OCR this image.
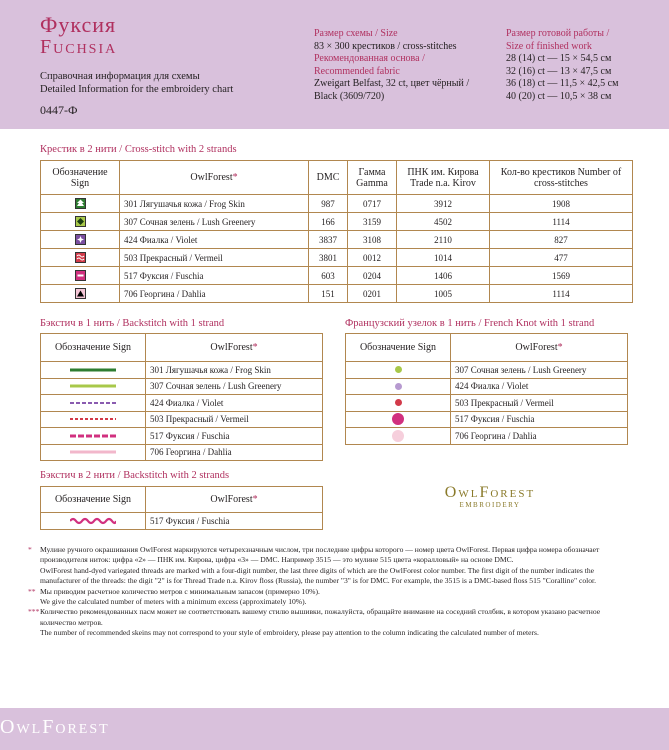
Фуксия
Fuchsia
Справочная информация для схемы
Detailed Information for the embroidery chart
0447-Ф
Размер схемы / Size
83 × 300 крестиков / cross-stitches
Рекомендованная основа /
Recommended fabric
Zweigart Belfast, 32 ct, цвет чёрный / Black (3609/720)
Размер готовой работы /
Size of finished work
28 (14) ct — 15 × 54,5 см
32 (16) ct — 13 × 47,5 см
36 (18) ct — 11,5 × 42,5 см
40 (20) ct — 10,5 × 38 см
Крестик в 2 нити / Cross-stitch with 2 strands
Обозначение Sign	OwlForest*	DMC	Гамма Gamma	ПНК им. Кирова Trade n.a. Kirov	Кол-во крестиков Number of cross-stitches
	301 Лягушачья кожа / Frog Skin	987	0717	3912	1908
	307 Сочная зелень / Lush Greenery	166	3159	4502	1114
	424 Фиалка / Violet	3837	3108	2110	827
	503 Прекрасный / Vermeil	3801	0012	1014	477
	517 Фуксия / Fuschia	603	0204	1406	1569
	706 Георгина / Dahlia	151	0201	1005	1114
Бэкстич в 1 нить / Backstitch with 1 strand
Обозначение Sign	OwlForest*

	301 Лягушачья кожа / Frog Skin

	307 Сочная зелень / Lush Greenery

	424 Фиалка / Violet

	503 Прекрасный / Vermeil

	517 Фуксия / Fuschia

	706 Георгина / Dahlia
Французский узелок в 1 нить / French Knot with 1 strand
Обозначение Sign	OwlForest*

	307 Сочная зелень / Lush Greenery

	424 Фиалка / Violet

	503 Прекрасный / Vermeil

	517 Фуксия / Fuschia

	706 Георгина / Dahlia
Бэкстич в 2 нити / Backstitch with 2 strands
Обозначение Sign	OwlForest*

	517 Фуксия / Fuschia
OwlForest
EMBROIDERY

* Мулине ручного окрашивания OwlForest маркируются четырехзначным числом, три последние цифры которого — номер цвета OwlForest. Первая цифра номера обозначает производителя ниток: цифра «2» — ПНК им. Кирова, цифра «3» — DMC. Например 3515 — это мулине 515 цвета «коралловый» на основе DMC.

OwlForest hand-dyed variegated threads are marked with a four-digit number, the last three digits of which are the OwlForest color number. The first digit of the number indicates the manufacturer of the threads: the digit "2" is for Thread Trade n.a. Kirov floss (Russia), the number "3" is for DMC. For example, the 3515 is a DMC-based floss 515 "Coralline" color.

** Мы приводим расчетное количество метров с минимальным запасом (примерно 10%).

We give the calculated number of meters with a minimum excess (approximately 10%).

*** Количество рекомендованных пасм может не соответствовать вашему стилю вышивки, пожалуйста, обращайте внимание на соседний столбик, в котором указано расчетное количество метров.

The number of recommended skeins may not correspond to your style of embroidery, please pay attention to the column indicating the calculated number of meters.

OwlForest
